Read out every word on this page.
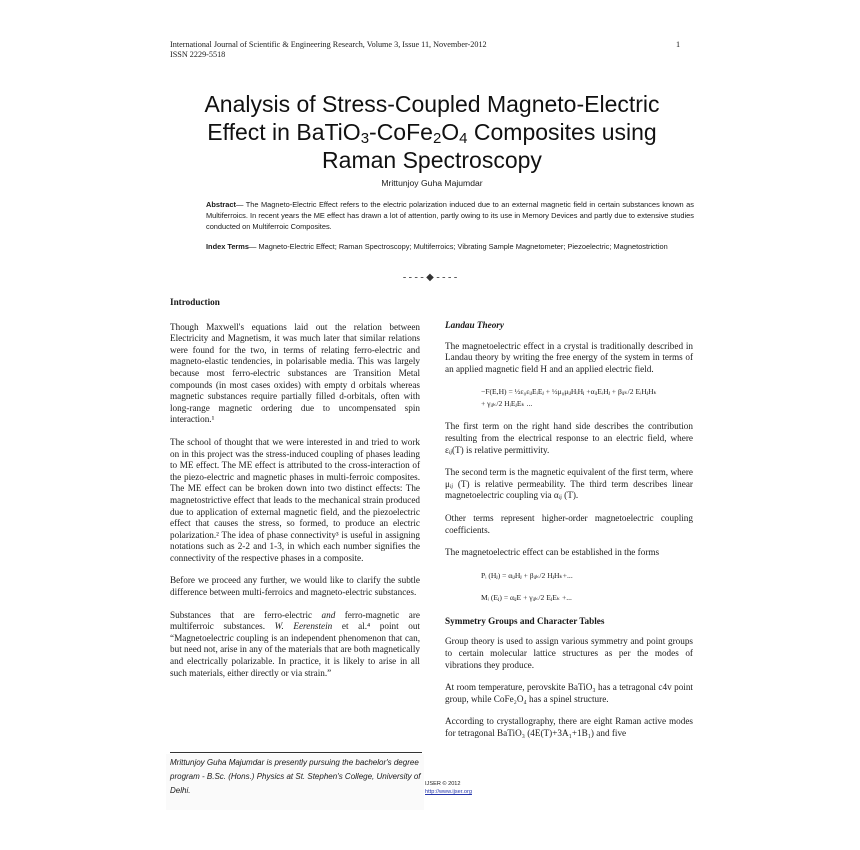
International Journal of Scientific & Engineering Research, Volume 3, Issue 11, November-2012
ISSN 2229-5518
1
Analysis of Stress-Coupled Magneto-Electric
Effect in $BaTiO_3-CoFe_2O_4$ Composites using
Raman Spectroscopy
Mrittunjoy Guha Majumdar
Abstract— The Magneto-Electric Effect refers to the electric polarization induced due to an external magnetic field in certain substances known as Multiferroics. In recent years the ME effect has drawn a lot of attention, partly owing to its use in Memory Devices and partly due to extensive studies conducted on Multiferroic Composites.
Index Terms— Magneto-Electric Effect; Raman Spectroscopy; Multiferroics; Vibrating Sample Magnetometer; Piezoelectric; Magnetostriction
- - - - ◆ - - - -

Introduction

Though Maxwell's equations laid out the relation between Electricity and Magnetism, it was much later that similar relations were found for the two, in terms of relating ferro-electric and magneto-elastic tendencies, in polarisable media. This was largely because most ferro-electric substances are Transition Metal compounds (in most cases oxides) with empty d orbitals whereas magnetic substances require partially filled d-orbitals, often with long-range magnetic ordering due to uncompensated spin interaction.¹

The school of thought that we were interested in and tried to work on in this project was the stress-induced coupling of phases leading to ME effect. The ME effect is attributed to the cross-interaction of the piezo-electric and magnetic phases in multi-ferroic composites. The ME effect can be broken down into two distinct effects: The magnetostrictive effect that leads to the mechanical strain produced due to application of external magnetic field, and the piezoelectric effect that causes the stress, so formed, to produce an electric polarization.² The idea of phase connectivity³ is useful in assigning notations such as 2-2 and 1-3, in which each number signifies the connectivity of the respective phases in a composite.

Before we proceed any further, we would like to clarify the subtle difference between multi-ferroics and magneto-electric substances.

Substances that are ferro-electric and ferro-magnetic are multiferroic substances. W. Eerenstein et al.⁴ point out “Magnetoelectric coupling is an independent phenomenon that can, but need not, arise in any of the materials that are both magnetically and electrically polarizable. In practice, it is likely to arise in all such materials, either directly or via strain.”

Mrittunjoy Guha Majumdar is presently pursuing the bachelor's degree program - B.Sc. (Hons.) Physics at St. Stephen's College, University of Delhi.

Landau Theory

The magnetoelectric effect in a crystal is traditionally described in Landau theory by writing the free energy of the system in terms of an applied magnetic field H and an applied electric field.

−F(E,H) = ½ε₀εᵢⱼEᵢEⱼ + ½μ₀μᵢⱼHᵢHⱼ +αᵢⱼEᵢHⱼ + βᵢⱼₖ/2 EᵢHⱼHₖ
+ γᵢⱼₖ/2 HᵢEⱼEₖ ...

The first term on the right hand side describes the contribution resulting from the electrical response to an electric field, where εᵢⱼ(T) is relative permittivity.

The second term is the magnetic equivalent of the first term, where μᵢⱼ (T) is relative permeability. The third term describes linear magnetoelectric coupling via αᵢⱼ (T).

Other terms represent higher-order magnetoelectric coupling coefficients.

The magnetoelectric effect can be established in the forms

Pᵢ (Hⱼ) = αᵢⱼHⱼ + βᵢⱼₖ/2 HⱼHₖ+...
Mᵢ (Eⱼ) = αᵢⱼE + γᵢⱼₖ/2 EⱼEₖ +...

Symmetry Groups and Character Tables

Group theory is used to assign various symmetry and point groups to certain molecular lattice structures as per the modes of vibrations they produce.

At room temperature, perovskite BaTiO₃ has a tetragonal c4v point group, while CoFe₂O₄ has a spinel structure.

According to crystallography, there are eight Raman active modes for tetragonal BaTiO₃ (4E(T)+3A₁+1B₁) and five

IJSER © 2012
http://www.ijser.org
